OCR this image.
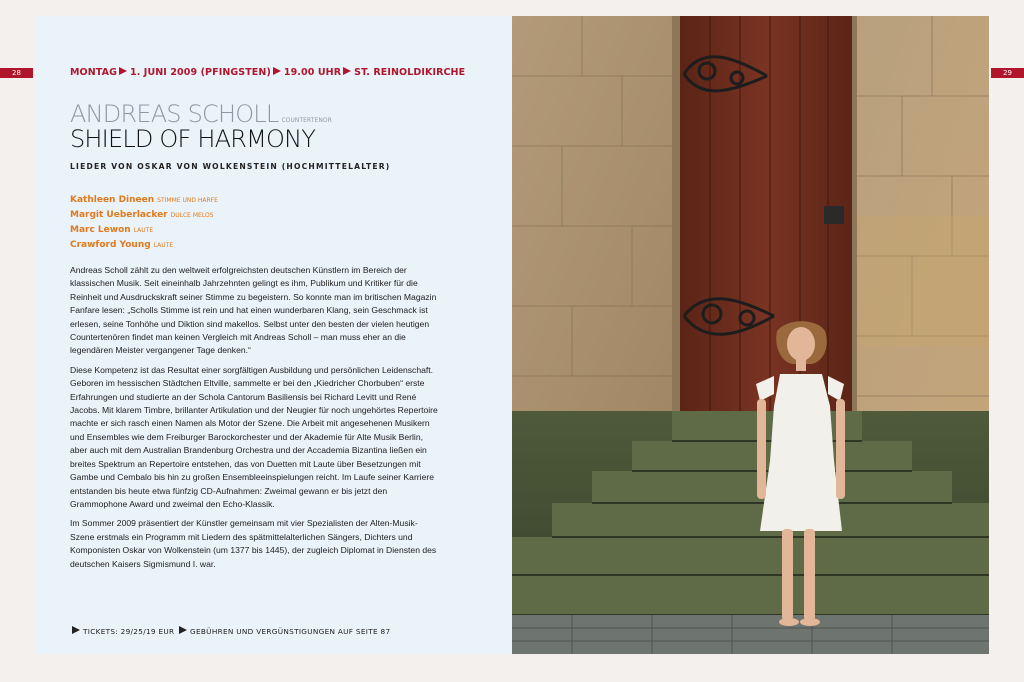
28	29
MONTAG 1. JUNI 2009 (PFINGSTEN) 19.00 UHR ST. REINOLDIKIRCHE
ANDREAS SCHOLL COUNTERTENOR
SHIELD OF HARMONY
LIEDER VON OSKAR VON WOLKENSTEIN (HOCHMITTELALTER)
Kathleen Dineen STIMME UND HARFE
Margit Ueberlacker DULCE MELOS
Marc Lewon LAUTE
Crawford Young LAUTE

Andreas Scholl zählt zu den weltweit erfolgreichsten deutschen Künstlern im Bereich der klassischen Musik. Seit eineinhalb Jahrzehnten gelingt es ihm, Publikum und Kritiker für die Reinheit und Ausdruckskraft seiner Stimme zu begeistern. So konnte man im britischen Magazin Fanfare lesen: „Scholls Stimme ist rein und hat einen wunderbaren Klang, sein Geschmack ist erlesen, seine Tonhöhe und Diktion sind makellos. Selbst unter den besten der vielen heutigen Countertenören findet man keinen Vergleich mit Andreas Scholl – man muss eher an die legendären Meister vergangener Tage denken.“

Diese Kompetenz ist das Resultat einer sorgfältigen Ausbildung und persönlichen Leidenschaft. Geboren im hessischen Städtchen Eltville, sammelte er bei den „Kiedricher Chorbuben“ erste Erfahrungen und studierte an der Schola Cantorum Basiliensis bei Richard Levitt und René Jacobs. Mit klarem Timbre, brillanter Artikulation und der Neugier für noch ungehörtes Repertoire machte er sich rasch einen Namen als Motor der Szene. Die Arbeit mit angesehenen Musikern und Ensembles wie dem Freiburger Barockorchester und der Akademie für Alte Musik Berlin, aber auch mit dem Australian Brandenburg Orchestra und der Accademia Bizantina ließen ein breites Spektrum an Repertoire entstehen, das von Duetten mit Laute über Besetzungen mit Gambe und Cembalo bis hin zu großen Ensembleeinspielungen reicht. Im Laufe seiner Karriere entstanden bis heute etwa fünfzig CD-Aufnahmen: Zweimal gewann er bis jetzt den Grammophone Award und zweimal den Echo-Klassik.

Im Sommer 2009 präsentiert der Künstler gemeinsam mit vier Spezialisten der Alten-Musik-Szene erstmals ein Programm mit Liedern des spätmittelalterlichen Sängers, Dichters und Komponisten Oskar von Wolkenstein (um 1377 bis 1445), der zugleich Diplomat in Diensten des deutschen Kaisers Sigmismund I. war.

TICKETS: 29/25/19 EUR GEBÜHREN UND VERGÜNSTIGUNGEN AUF SEITE 87
